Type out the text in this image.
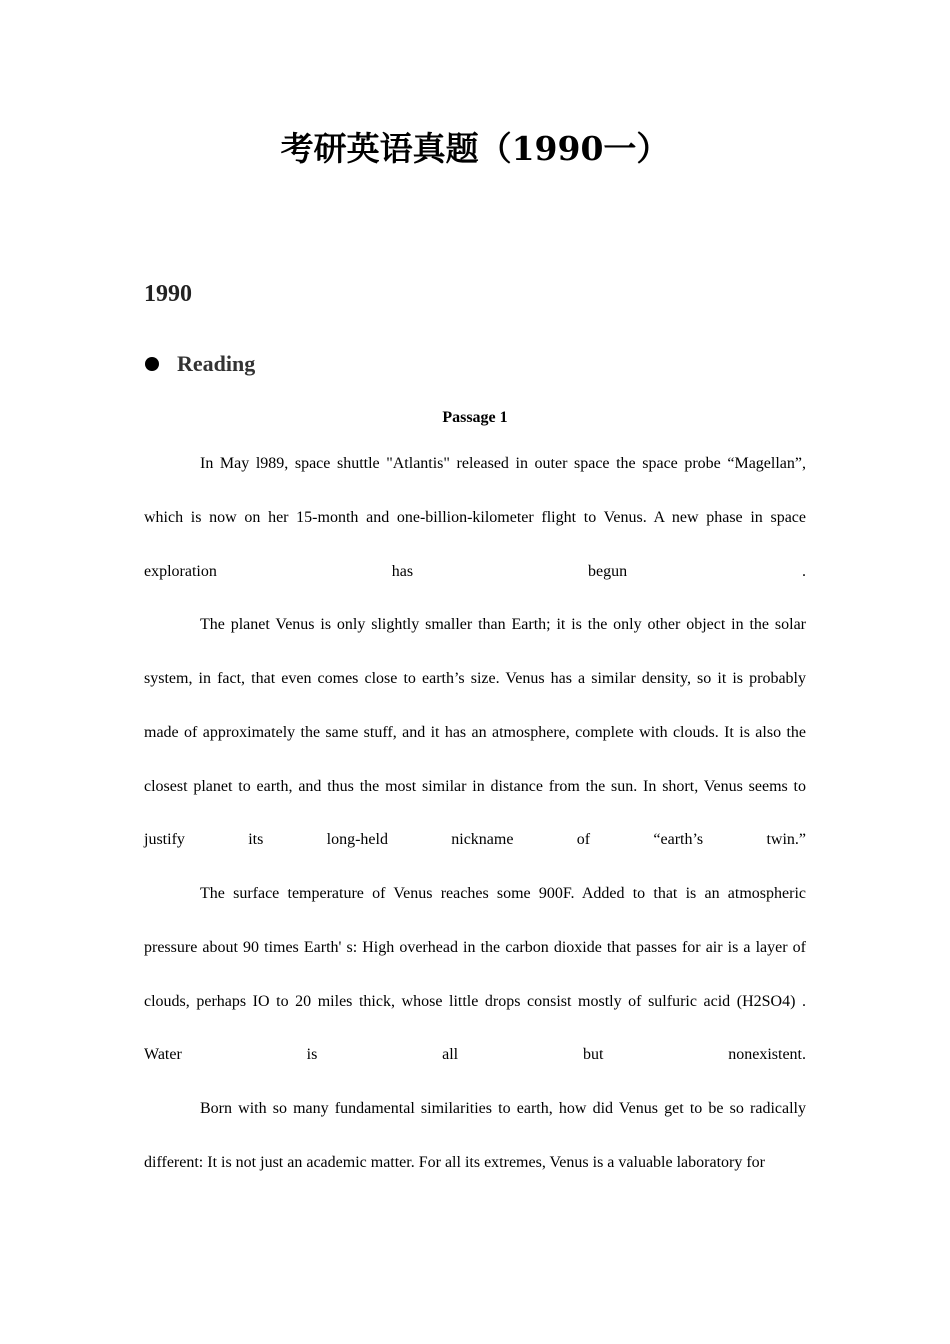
考研英语真题（1990一）
1990
Reading
Passage 1

In May l989, space shuttle "Atlantis" released in outer space the space probe “Magellan”, which is now on her 15-month and one-billion-kilometer flight to Venus. A new phase in space exploration has begun .

The planet Venus is only slightly smaller than Earth; it is the only other object in the solar system, in fact, that even comes close to earth’s size. Venus has a similar density, so it is probably made of approximately the same stuff, and it has an atmosphere, complete with clouds. It is also the closest planet to earth, and thus the most similar in distance from the sun. In short, Venus seems to justify its long-held nickname of “earth’s twin.”

The surface temperature of Venus reaches some 900F. Added to that is an atmospheric pressure about 90 times Earth' s: High overhead in the carbon dioxide that passes for air is a layer of clouds, perhaps IO to 20 miles thick, whose little drops consist mostly of sulfuric acid (H2SO4) . Water is all but nonexistent.

Born with so many fundamental similarities to earth, how did Venus get to be so radically different: It is not just an academic matter. For all its extremes, Venus is a valuable laboratory for
